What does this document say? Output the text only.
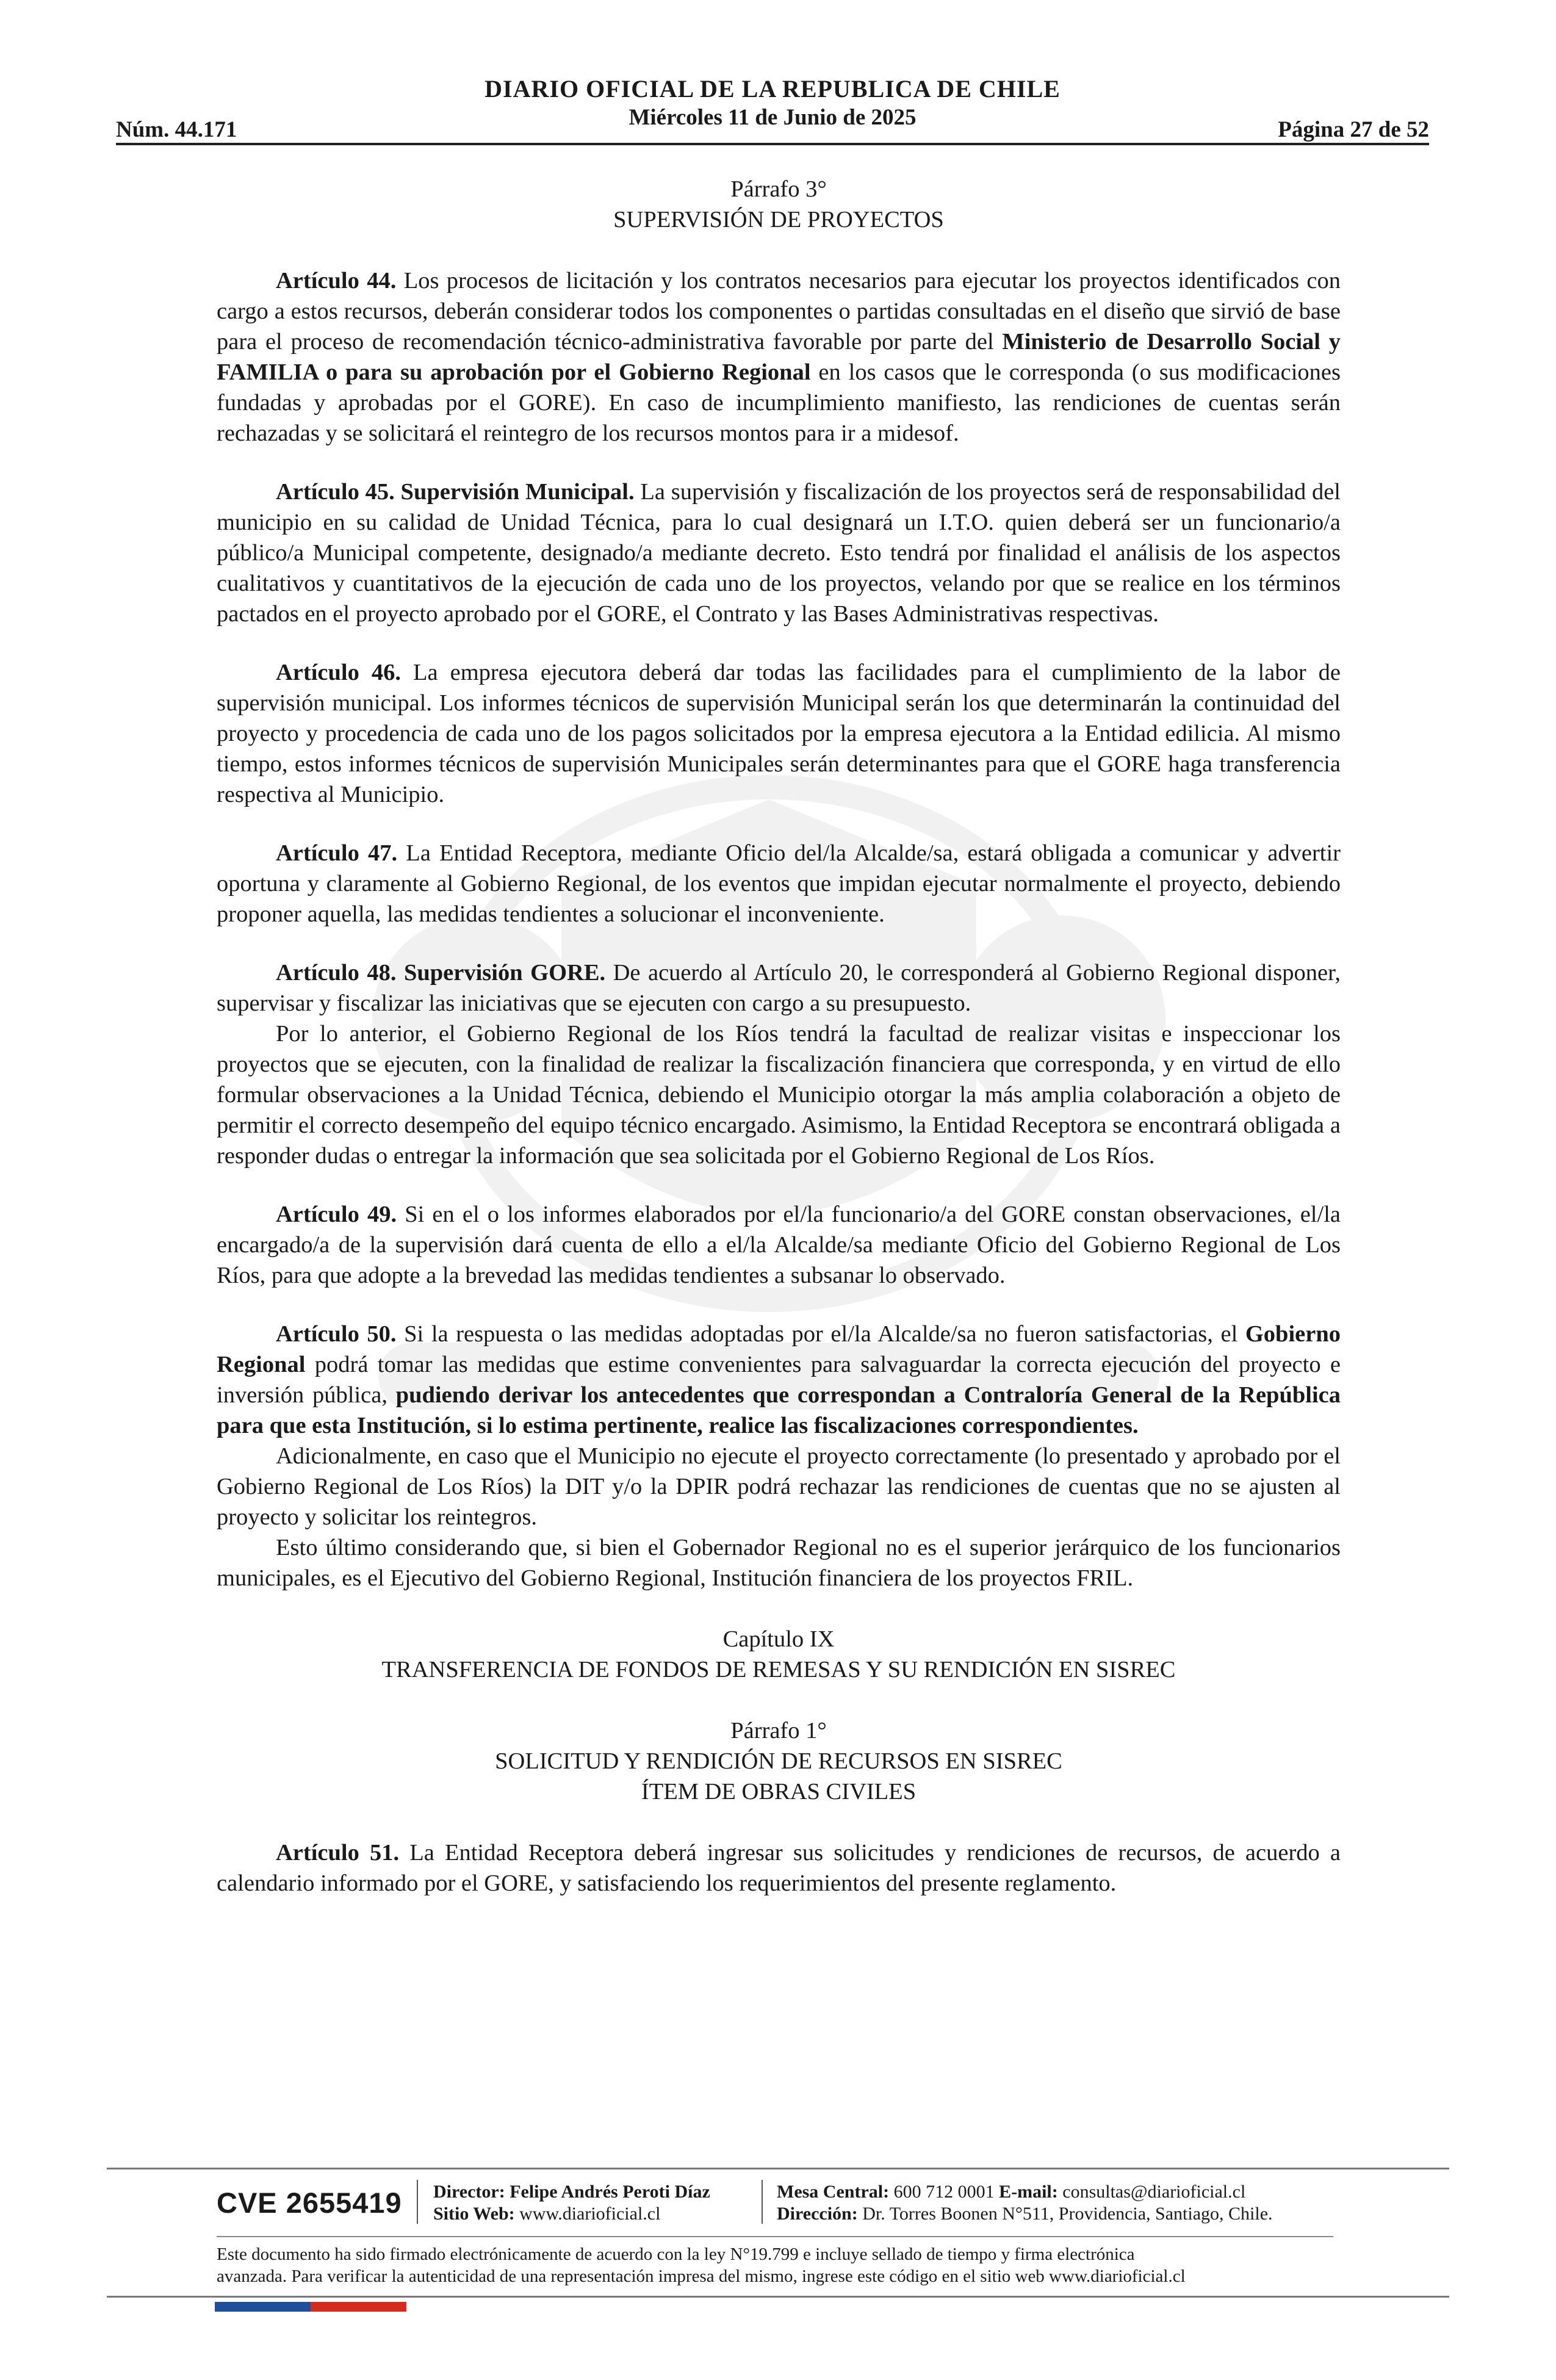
Núm. 44.171
DIARIO OFICIAL DE LA REPUBLICA DE CHILE
Miércoles 11 de Junio de 2025	Página 27 de 52
Párrafo 3°
SUPERVISIÓN DE PROYECTOS

Artículo 44. Los procesos de licitación y los contratos necesarios para ejecutar los proyectos identificados con cargo a estos recursos, deberán considerar todos los componentes o partidas consultadas en el diseño que sirvió de base para el proceso de recomendación técnico-administrativa favorable por parte del Ministerio de Desarrollo Social y FAMILIA o para su aprobación por el Gobierno Regional en los casos que le corresponda (o sus modificaciones fundadas y aprobadas por el GORE). En caso de incumplimiento manifiesto, las rendiciones de cuentas serán rechazadas y se solicitará el reintegro de los recursos montos para ir a midesof.

Artículo 45. Supervisión Municipal. La supervisión y fiscalización de los proyectos será de responsabilidad del municipio en su calidad de Unidad Técnica, para lo cual designará un I.T.O. quien deberá ser un funcionario/a público/a Municipal competente, designado/a mediante decreto. Esto tendrá por finalidad el análisis de los aspectos cualitativos y cuantitativos de la ejecución de cada uno de los proyectos, velando por que se realice en los términos pactados en el proyecto aprobado por el GORE, el Contrato y las Bases Administrativas respectivas.

Artículo 46. La empresa ejecutora deberá dar todas las facilidades para el cumplimiento de la labor de supervisión municipal. Los informes técnicos de supervisión Municipal serán los que determinarán la continuidad del proyecto y procedencia de cada uno de los pagos solicitados por la empresa ejecutora a la Entidad edilicia. Al mismo tiempo, estos informes técnicos de supervisión Municipales serán determinantes para que el GORE haga transferencia respectiva al Municipio.

Artículo 47. La Entidad Receptora, mediante Oficio del/la Alcalde/sa, estará obligada a comunicar y advertir oportuna y claramente al Gobierno Regional, de los eventos que impidan ejecutar normalmente el proyecto, debiendo proponer aquella, las medidas tendientes a solucionar el inconveniente.

Artículo 48. Supervisión GORE. De acuerdo al Artículo 20, le corresponderá al Gobierno Regional disponer, supervisar y fiscalizar las iniciativas que se ejecuten con cargo a su presupuesto.

Por lo anterior, el Gobierno Regional de los Ríos tendrá la facultad de realizar visitas e inspeccionar los proyectos que se ejecuten, con la finalidad de realizar la fiscalización financiera que corresponda, y en virtud de ello formular observaciones a la Unidad Técnica, debiendo el Municipio otorgar la más amplia colaboración a objeto de permitir el correcto desempeño del equipo técnico encargado. Asimismo, la Entidad Receptora se encontrará obligada a responder dudas o entregar la información que sea solicitada por el Gobierno Regional de Los Ríos.

Artículo 49. Si en el o los informes elaborados por el/la funcionario/a del GORE constan observaciones, el/la encargado/a de la supervisión dará cuenta de ello a el/la Alcalde/sa mediante Oficio del Gobierno Regional de Los Ríos, para que adopte a la brevedad las medidas tendientes a subsanar lo observado.

Artículo 50. Si la respuesta o las medidas adoptadas por el/la Alcalde/sa no fueron satisfactorias, el Gobierno Regional podrá tomar las medidas que estime convenientes para salvaguardar la correcta ejecución del proyecto e inversión pública, pudiendo derivar los antecedentes que correspondan a Contraloría General de la República para que esta Institución, si lo estima pertinente, realice las fiscalizaciones correspondientes.

Adicionalmente, en caso que el Municipio no ejecute el proyecto correctamente (lo presentado y aprobado por el Gobierno Regional de Los Ríos) la DIT y/o la DPIR podrá rechazar las rendiciones de cuentas que no se ajusten al proyecto y solicitar los reintegros.

Esto último considerando que, si bien el Gobernador Regional no es el superior jerárquico de los funcionarios municipales, es el Ejecutivo del Gobierno Regional, Institución financiera de los proyectos FRIL.

Capítulo IX
TRANSFERENCIA DE FONDOS DE REMESAS Y SU RENDICIÓN EN SISREC
Párrafo 1°
SOLICITUD Y RENDICIÓN DE RECURSOS EN SISREC
ÍTEM DE OBRAS CIVILES

Artículo 51. La Entidad Receptora deberá ingresar sus solicitudes y rendiciones de recursos, de acuerdo a calendario informado por el GORE, y satisfaciendo los requerimientos del presente reglamento.

CVE 2655419 Director: Felipe Andrés Peroti Díaz
Sitio Web: www.diarioficial.cl
Mesa Central: 600 712 0001 E-mail: consultas@diarioficial.cl
Dirección: Dr. Torres Boonen N°511, Providencia, Santiago, Chile.
Este documento ha sido firmado electrónicamente de acuerdo con la ley N°19.799 e incluye sellado de tiempo y firma electrónica
avanzada. Para verificar la autenticidad de una representación impresa del mismo, ingrese este código en el sitio web www.diarioficial.cl
